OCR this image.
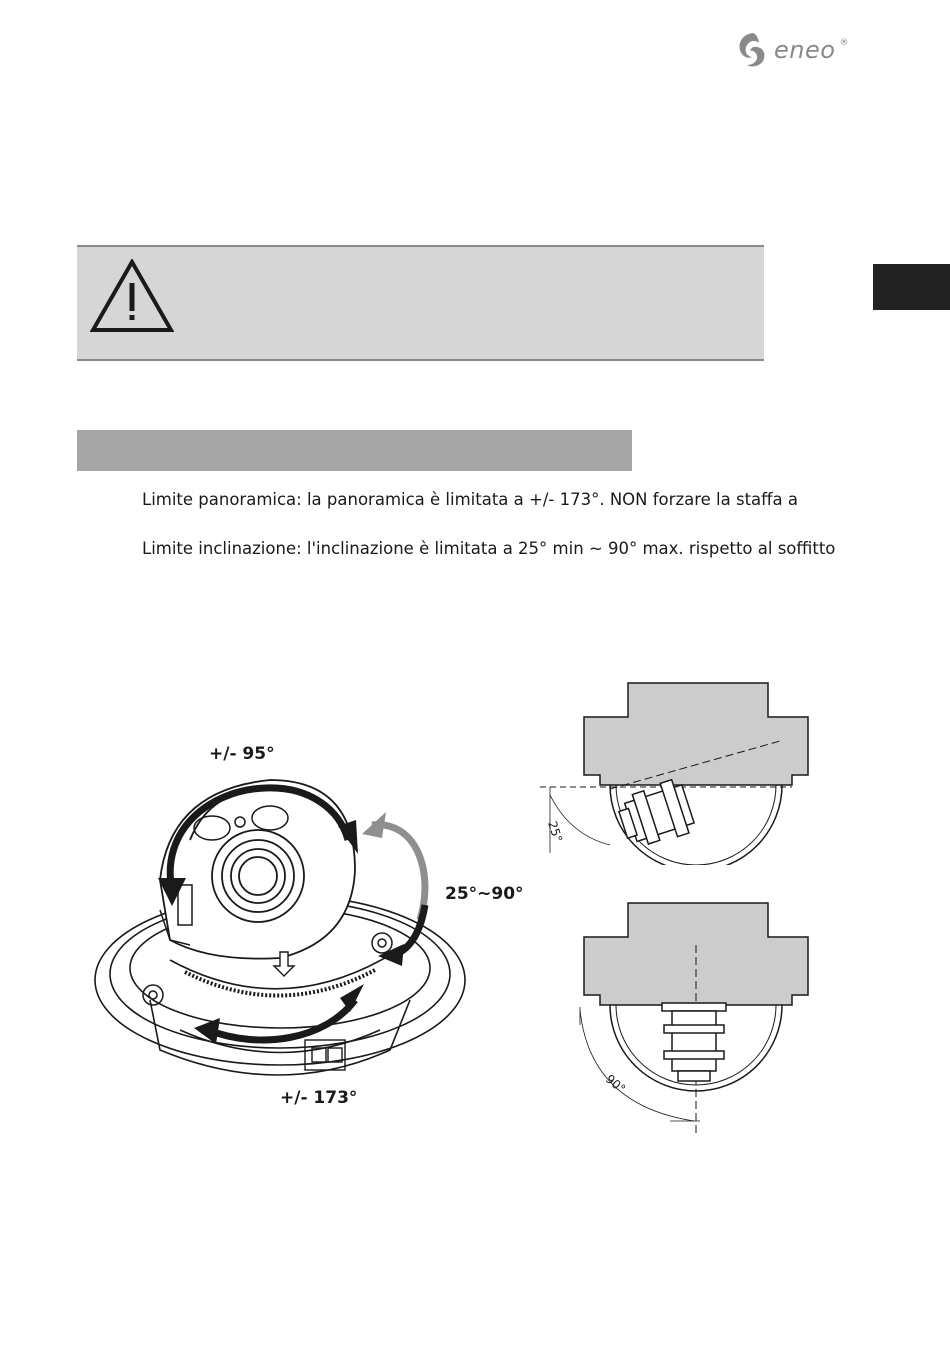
eneo ®
Limite panoramica: la panoramica è limitata a +/- 173°. NON forzare la staffa a
Limite inclinazione: l'inclinazione è limitata a 25° min ~ 90° max. rispetto al soffitto
+/- 95°
25°~90°
+/- 173°
25°
90°
